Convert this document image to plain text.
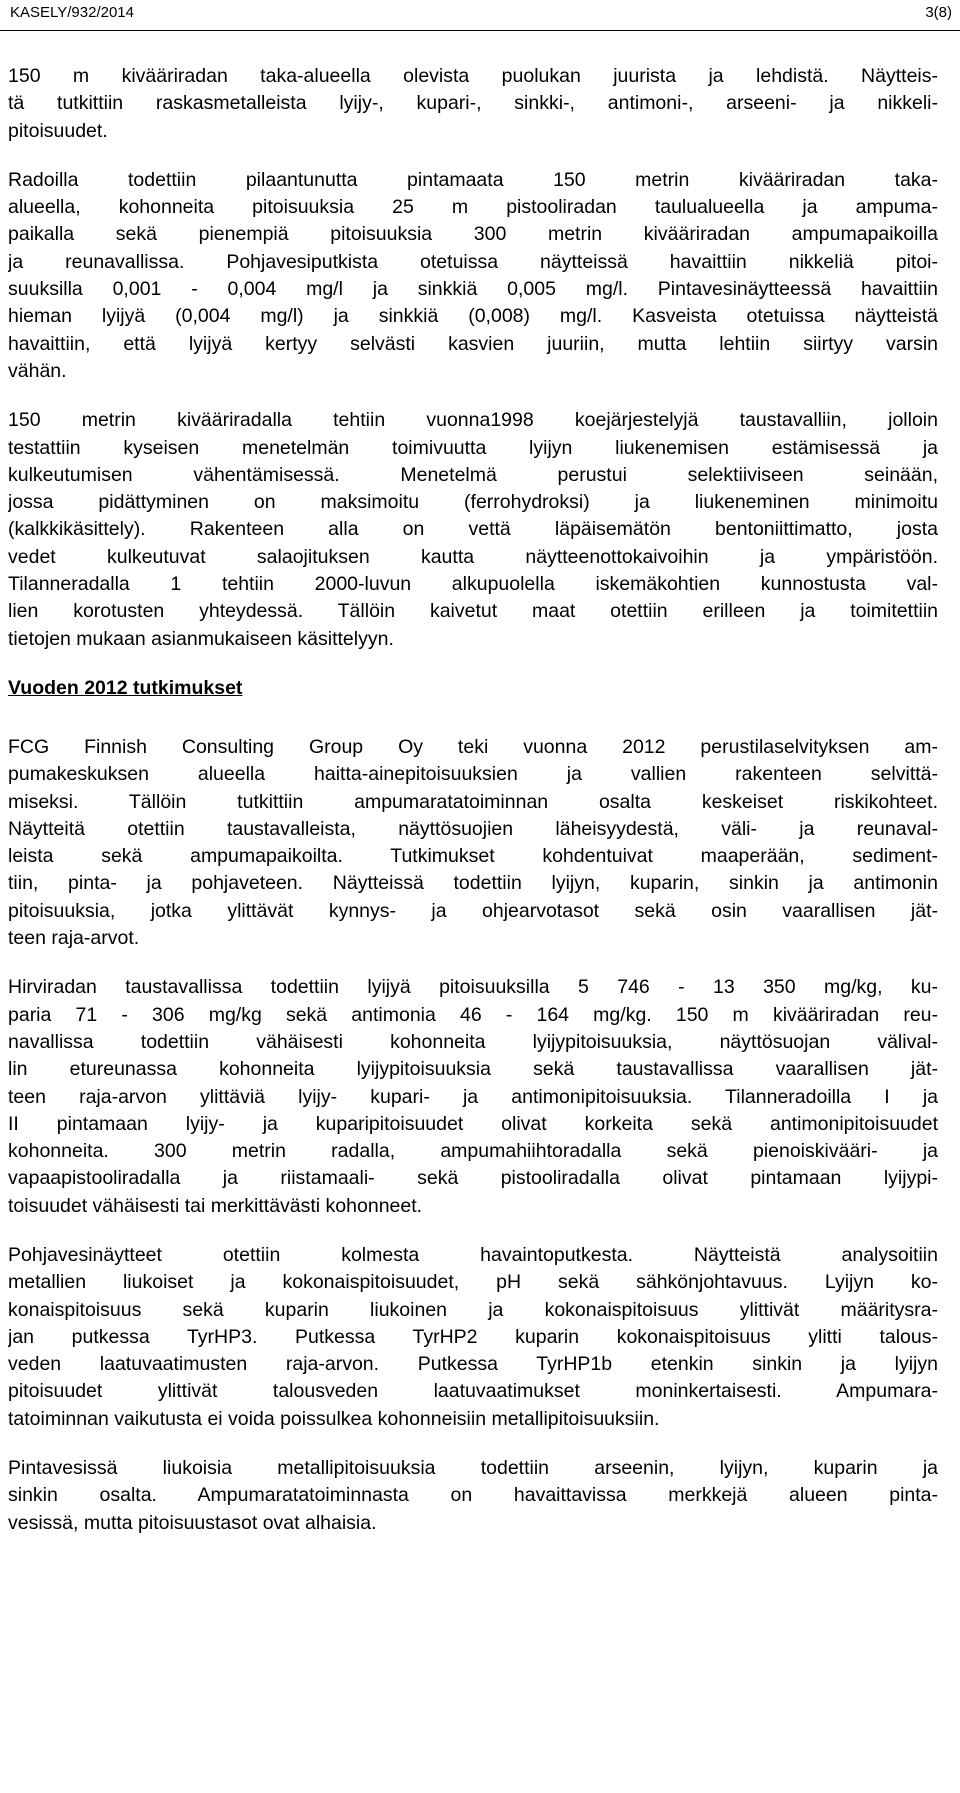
KASELY/932/2014	3(8)

150 m kivääriradan taka-alueella olevista puolukan juurista ja lehdistä. Näytteis-
tä tutkittiin raskasmetalleista lyijy-, kupari-, sinkki-, antimoni-, arseeni- ja nikkeli-
pitoisuudet.

Radoilla todettiin pilaantunutta pintamaata 150 metrin kivääriradan taka-
alueella, kohonneita pitoisuuksia 25 m pistooliradan taulualueella ja ampuma-
paikalla sekä pienempiä pitoisuuksia 300 metrin kivääriradan ampumapaikoilla
ja reunavallissa. Pohjavesiputkista otetuissa näytteissä havaittiin nikkeliä pitoi-
suuksilla 0,001 - 0,004 mg/l ja sinkkiä 0,005 mg/l. Pintavesinäytteessä havaittiin
hieman lyijyä (0,004 mg/l) ja sinkkiä (0,008) mg/l. Kasveista otetuissa näytteistä
havaittiin, että lyijyä kertyy selvästi kasvien juuriin, mutta lehtiin siirtyy varsin
vähän.

150 metrin kivääriradalla tehtiin vuonna1998 koejärjestelyjä taustavalliin, jolloin
testattiin kyseisen menetelmän toimivuutta lyijyn liukenemisen estämisessä ja
kulkeutumisen vähentämisessä. Menetelmä perustui selektiiviseen seinään,
jossa pidättyminen on maksimoitu (ferrohydroksi) ja liukeneminen minimoitu
(kalkkikäsittely). Rakenteen alla on vettä läpäisemätön bentoniittimatto, josta
vedet kulkeutuvat salaojituksen kautta näytteenottokaivoihin ja ympäristöön.
Tilanneradalla 1 tehtiin 2000-luvun alkupuolella iskemäkohtien kunnostusta val-
lien korotusten yhteydessä. Tällöin kaivetut maat otettiin erilleen ja toimitettiin
tietojen mukaan asianmukaiseen käsittelyyn.

Vuoden 2012 tutkimukset

FCG Finnish Consulting Group Oy teki vuonna 2012 perustilaselvityksen am-
pumakeskuksen alueella haitta-ainepitoisuuksien ja vallien rakenteen selvittä-
miseksi. Tällöin tutkittiin ampumaratatoiminnan osalta keskeiset riskikohteet.
Näytteitä otettiin taustavalleista, näyttösuojien läheisyydestä, väli- ja reunaval-
leista sekä ampumapaikoilta. Tutkimukset kohdentuivat maaperään, sediment-
tiin, pinta- ja pohjaveteen. Näytteissä todettiin lyijyn, kuparin, sinkin ja antimonin
pitoisuuksia, jotka ylittävät kynnys- ja ohjearvotasot sekä osin vaarallisen jät-
teen raja-arvot.

Hirviradan taustavallissa todettiin lyijyä pitoisuuksilla 5 746 - 13 350 mg/kg, ku-
paria 71 - 306 mg/kg sekä antimonia 46 - 164 mg/kg. 150 m kivääriradan reu-
navallissa todettiin vähäisesti kohonneita lyijypitoisuuksia, näyttösuojan välival-
lin etureunassa kohonneita lyijypitoisuuksia sekä taustavallissa vaarallisen jät-
teen raja-arvon ylittäviä lyijy- kupari- ja antimonipitoisuuksia. Tilanneradoilla I ja
II pintamaan lyijy- ja kuparipitoisuudet olivat korkeita sekä antimonipitoisuudet
kohonneita. 300 metrin radalla, ampumahiihtoradalla sekä pienoiskivääri- ja
vapaapistooliradalla ja riistamaali- sekä pistooliradalla olivat pintamaan lyijypi-
toisuudet vähäisesti tai merkittävästi kohonneet.

Pohjavesinäytteet otettiin kolmesta havaintoputkesta. Näytteistä analysoitiin
metallien liukoiset ja kokonaispitoisuudet, pH sekä sähkönjohtavuus. Lyijyn ko-
konaispitoisuus sekä kuparin liukoinen ja kokonaispitoisuus ylittivät määritysra-
jan putkessa TyrHP3. Putkessa TyrHP2 kuparin kokonaispitoisuus ylitti talous-
veden laatuvaatimusten raja-arvon. Putkessa TyrHP1b etenkin sinkin ja lyijyn
pitoisuudet ylittivät talousveden laatuvaatimukset moninkertaisesti. Ampumara-
tatoiminnan vaikutusta ei voida poissulkea kohonneisiin metallipitoisuuksiin.

Pintavesissä liukoisia metallipitoisuuksia todettiin arseenin, lyijyn, kuparin ja
sinkin osalta. Ampumaratatoiminnasta on havaittavissa merkkejä alueen pinta-
vesissä, mutta pitoisuustasot ovat alhaisia.
